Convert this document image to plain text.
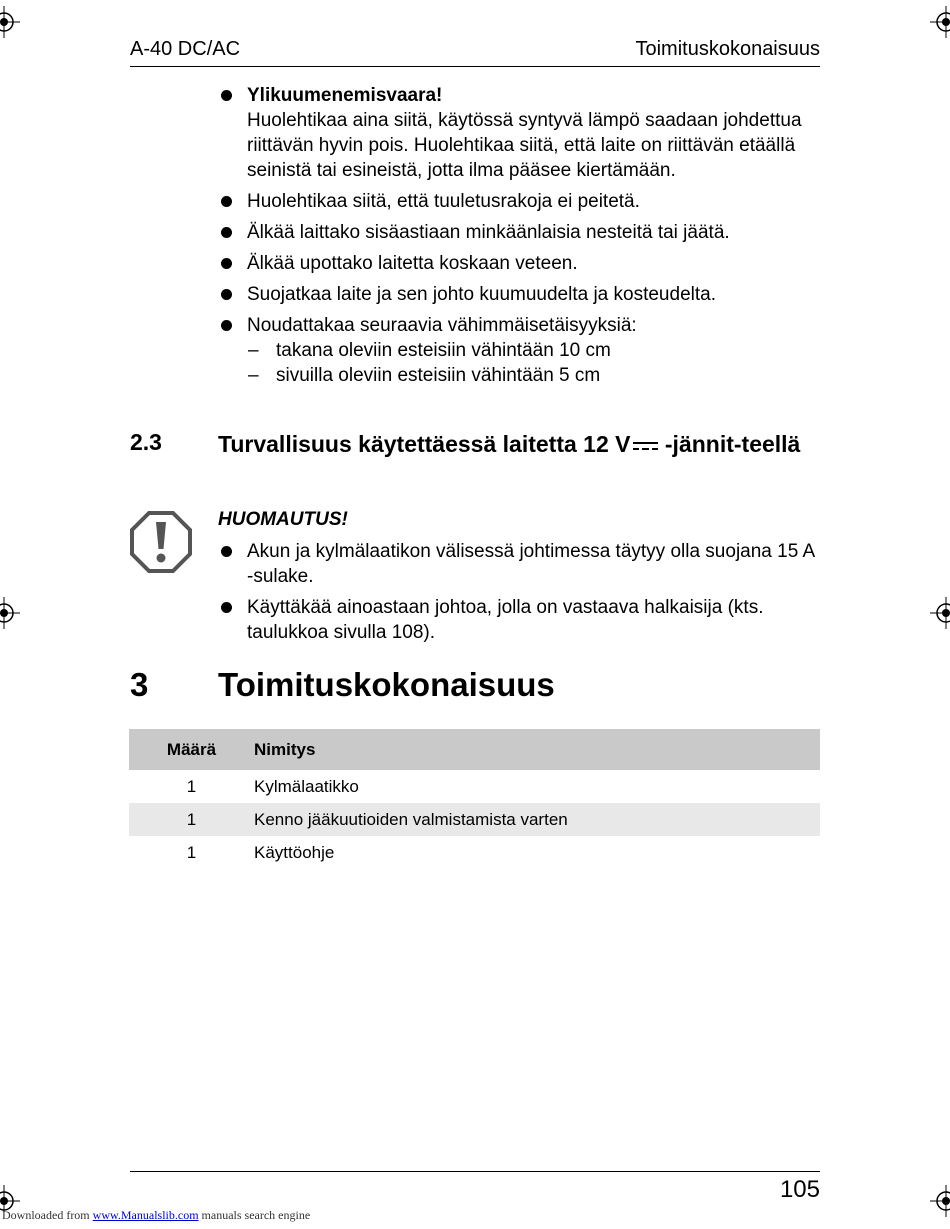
A-40 DC/AC	Toimituskokonaisuus
Ylikuumenemisvaara!
Huolehtikaa aina siitä, käytössä syntyvä lämpö saadaan johdettua riittävän hyvin pois. Huolehtikaa siitä, että laite on riittävän etäällä seinistä tai esineistä, jotta ilma pääsee kiertämään.
Huolehtikaa siitä, että tuuletusrakoja ei peitetä.
Älkää laittako sisäastiaan minkäänlaisia nesteitä tai jäätä.
Älkää upottako laitetta koskaan veteen.
Suojatkaa laite ja sen johto kuumuudelta ja kosteudelta.
Noudattakaa seuraavia vähimmäisetäisyyksiä:
– takana oleviin esteisiin vähintään 10 cm
– sivuilla oleviin esteisiin vähintään 5 cm
2.3 Turvallisuus käytettäessä laitetta 12 V -jännit-teellä
HUOMAUTUS!
Akun ja kylmälaatikon välisessä johtimessa täytyy olla suojana 15 A -sulake.
Käyttäkää ainoastaan johtoa, jolla on vastaava halkaisija (kts. taulukkoa sivulla 108).
3 Toimituskokonaisuus
Määrä	Nimitys
1	Kylmälaatikko
1	Kenno jääkuutioiden valmistamista varten
1	Käyttöohje
105
Downloaded from www.Manualslib.com manuals search engine
